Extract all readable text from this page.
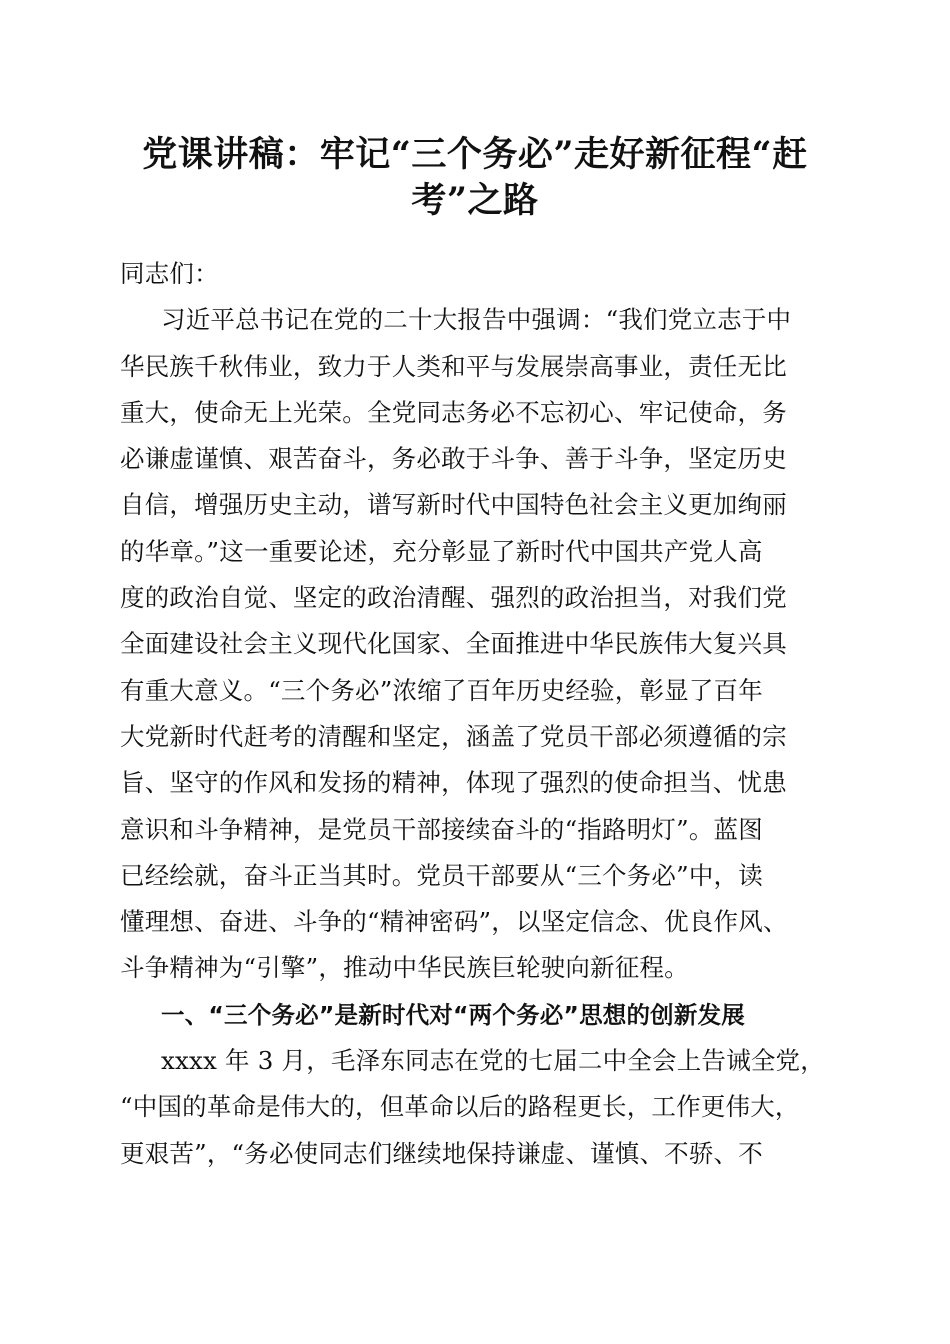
党课讲稿：牢记“三个务必”走好新征程“赶
考”之路
同志们：
习近平总书记在党的二十大报告中强调：“我们党立志于中
华民族千秋伟业，致力于人类和平与发展崇高事业，责任无比
重大，使命无上光荣。全党同志务必不忘初心、牢记使命，务
必谦虚谨慎、艰苦奋斗，务必敢于斗争、善于斗争，坚定历史
自信，增强历史主动，谱写新时代中国特色社会主义更加绚丽
的华章。”这一重要论述，充分彰显了新时代中国共产党人高
度的政治自觉、坚定的政治清醒、强烈的政治担当，对我们党
全面建设社会主义现代化国家、全面推进中华民族伟大复兴具
有重大意义。“三个务必”浓缩了百年历史经验，彰显了百年
大党新时代赶考的清醒和坚定，涵盖了党员干部必须遵循的宗
旨、坚守的作风和发扬的精神，体现了强烈的使命担当、忧患
意识和斗争精神，是党员干部接续奋斗的“指路明灯”。蓝图
已经绘就，奋斗正当其时。党员干部要从“三个务必”中，读
懂理想、奋进、斗争的“精神密码”，以坚定信念、优良作风、
斗争精神为“引擎”，推动中华民族巨轮驶向新征程。
一、“三个务必”是新时代对“两个务必”思想的创新发展
xxxx 年 3 月，毛泽东同志在党的七届二中全会上告诫全党，
“中国的革命是伟大的，但革命以后的路程更长，工作更伟大，
更艰苦”，“务必使同志们继续地保持谦虚、谨慎、不骄、不
